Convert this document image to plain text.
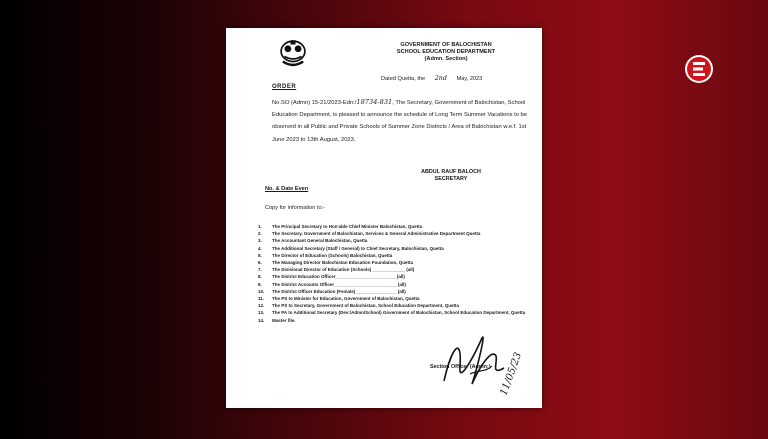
GOVERNMENT OF BALOCHISTAN
SCHOOL EDUCATION DEPARTMENT
(Admn. Section)
Dated Quetta, the 2nd May, 2023
ORDER
No.SO (Admn) 15-21/2023-Edn:/18734-831, The Secretary, Government of Balochistan, School Education Department, is pleased to announce the schedule of Long Term Summer Vacations to be observed in all Public and Private Schools of Summer Zone Districts / Area of Balochistan w.e.f. 1st June 2023 to 13th August, 2023.
ABDUL RAUF BALOCH
SECRETARY
No. & Date Even
Copy for information to:-
1. The Principal Secretary to Hon'able Chief Minister Balochistan, Quetta
2. The Secretary, Government of Balochistan, Services & General Administrative Department Quetta
3. The Accountant General Balochistan, Quetta
4. The Additional Secretary (Staff / General) to Chief Secretary, Balochistan, Quetta
5. The Director of Education (Schools) Balochistan, Quetta
6. The Managing Director Balochistan Education Foundation, Quetta
7. The Divisional Director of Education (Schools) _____________ (all)
8. The District Education Officer________________________ (all)
9. The District Accounts Officer_________________________ (all)
10. The District Officer Education (Female) ________________ (all)
11. The PS to Minister for Education, Government of Balochistan, Quetta
12. The PS to Secretary, Government of Balochistan, School Education Department, Quetta
13. The PA to Additional Secretary (Dev:/Admn/School) Government of Balochistan, School Education Department, Quetta
14. Master file.
11/05/23
Section Officer (Admn:)
